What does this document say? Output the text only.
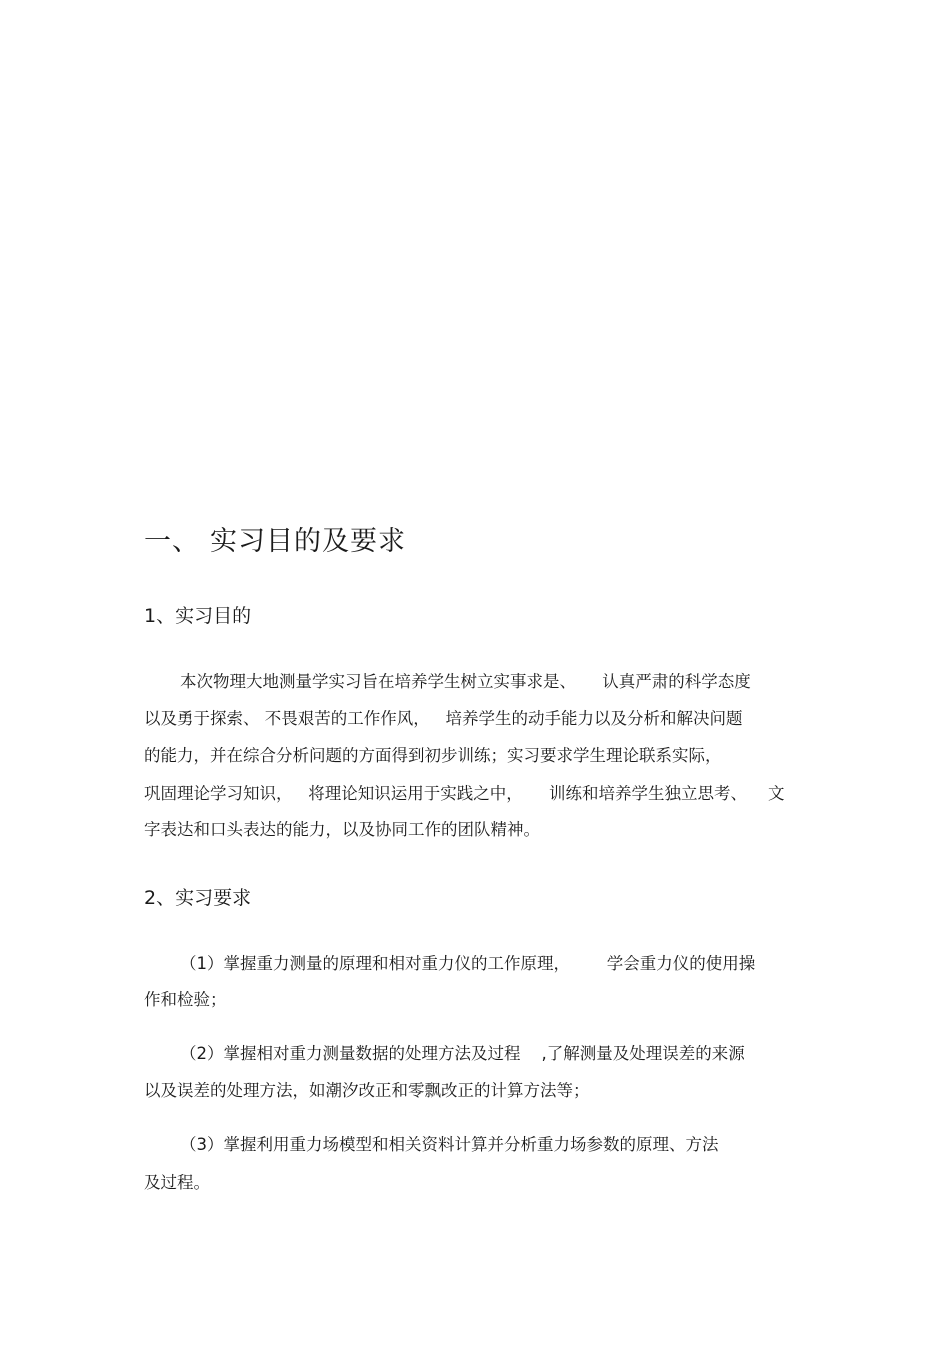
一、 实习目的及要求
1、实习目的
本次物理大地测量学实习旨在培养学生树立实事求是、     认真严肃的科学态度
以及勇于探索、 不畏艰苦的工作作风，   培养学生的动手能力以及分析和解决问题
的能力，并在综合分析问题的方面得到初步训练；实习要求学生理论联系实际，
巩固理论学习知识，   将理论知识运用于实践之中，     训练和培养学生独立思考、    文
字表达和口头表达的能力，以及协同工作的团队精神。
2、实习要求
（1）掌握重力测量的原理和相对重力仪的工作原理，       学会重力仪的使用操
作和检验；
（2）掌握相对重力测量数据的处理方法及过程    ,了解测量及处理误差的来源
以及误差的处理方法，如潮汐改正和零飘改正的计算方法等；
（3）掌握利用重力场模型和相关资料计算并分析重力场参数的原理、方法
及过程。
